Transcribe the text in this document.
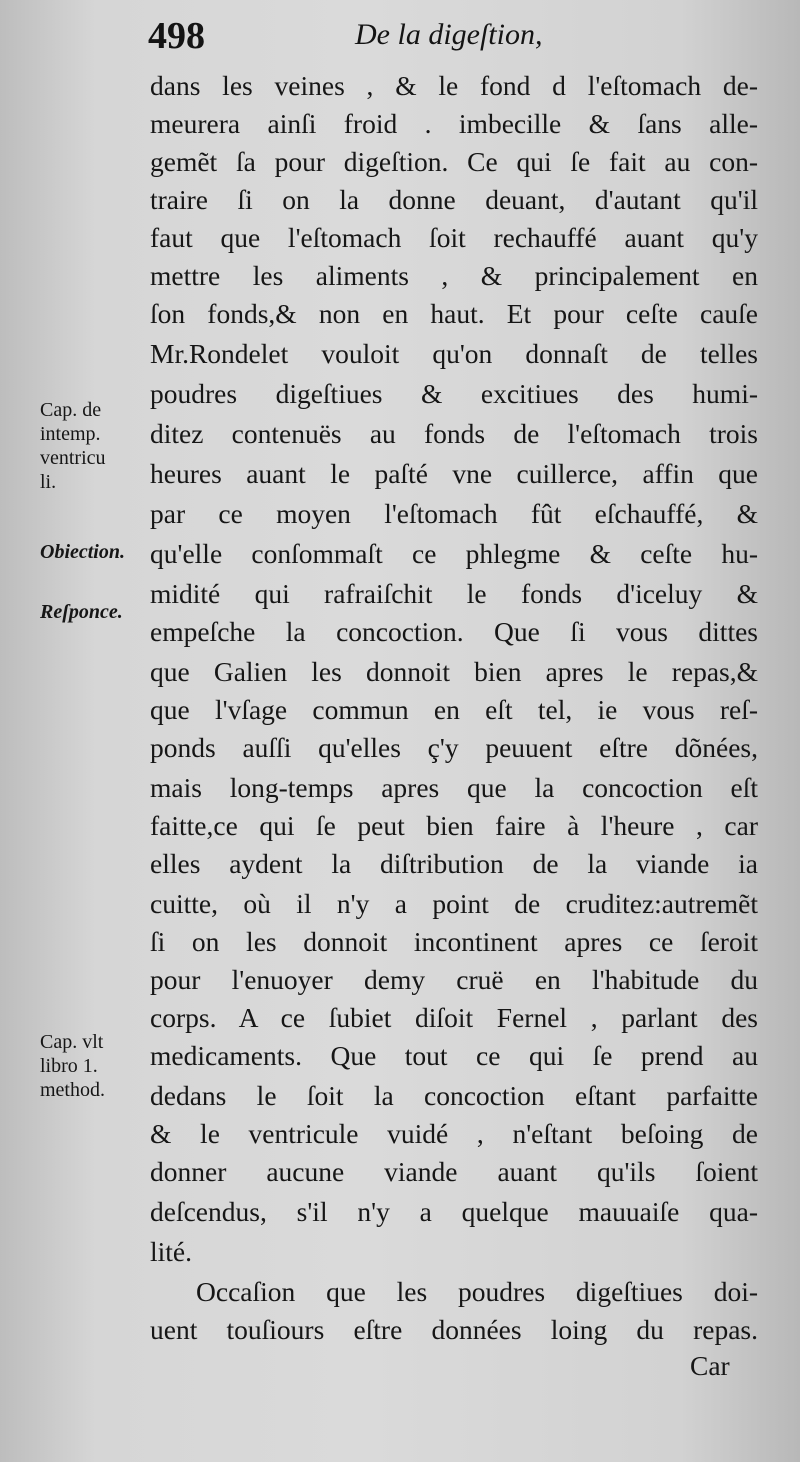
498	De la digeſtion,
dans les veines , & le fond d l'eſtomach de-
meurera ainſi froid . imbecille & ſans alle-
gemẽt ſa pour digeſtion. Ce qui ſe fait au con-
traire ſi on la donne deuant, d'autant qu'il
faut que l'eſtomach ſoit rechauffé auant qu'y
mettre les aliments , & principalement en
ſon fonds,& non en haut. Et pour ceſte cauſe
Mr.Rondelet vouloit qu'on donnaſt de telles
poudres digeſtiues & excitiues des humi-
ditez contenuës au fonds de l'eſtomach trois
heures auant le paſté vne cuillerce, affin que
par ce moyen l'eſtomach fût eſchauffé, &
qu'elle conſommaſt ce phlegme & ceſte hu-
midité qui rafraiſchit le fonds d'iceluy &
empeſche la concoction. Que ſi vous dittes
que Galien les donnoit bien apres le repas,&
que l'vſage commun en eſt tel, ie vous reſ-
ponds auſſi qu'elles ç'y peuuent eſtre dõnées,
mais long-temps apres que la concoction eſt
faitte,ce qui ſe peut bien faire à l'heure , car
elles aydent la diſtribution de la viande ia
cuitte, où il n'y a point de cruditez:autremẽt
ſi on les donnoit incontinent apres ce ſeroit
pour l'enuoyer demy cruë en l'habitude du
corps. A ce ſubiet diſoit Fernel , parlant des
medicaments. Que tout ce qui ſe prend au
dedans le ſoit la concoction eſtant parfaitte
& le ventricule vuidé , n'eſtant beſoing de
donner aucune viande auant qu'ils ſoient
deſcendus, s'il n'y a quelque mauuaiſe qua-
lité.
Occaſion que les poudres digeſtiues doi-
uent touſiours eſtre données loing du repas.
Car
Cap. de
intemp.
ventricu
li.
Obiection.
Reſponce.
Cap. vlt
libro 1.
method.
